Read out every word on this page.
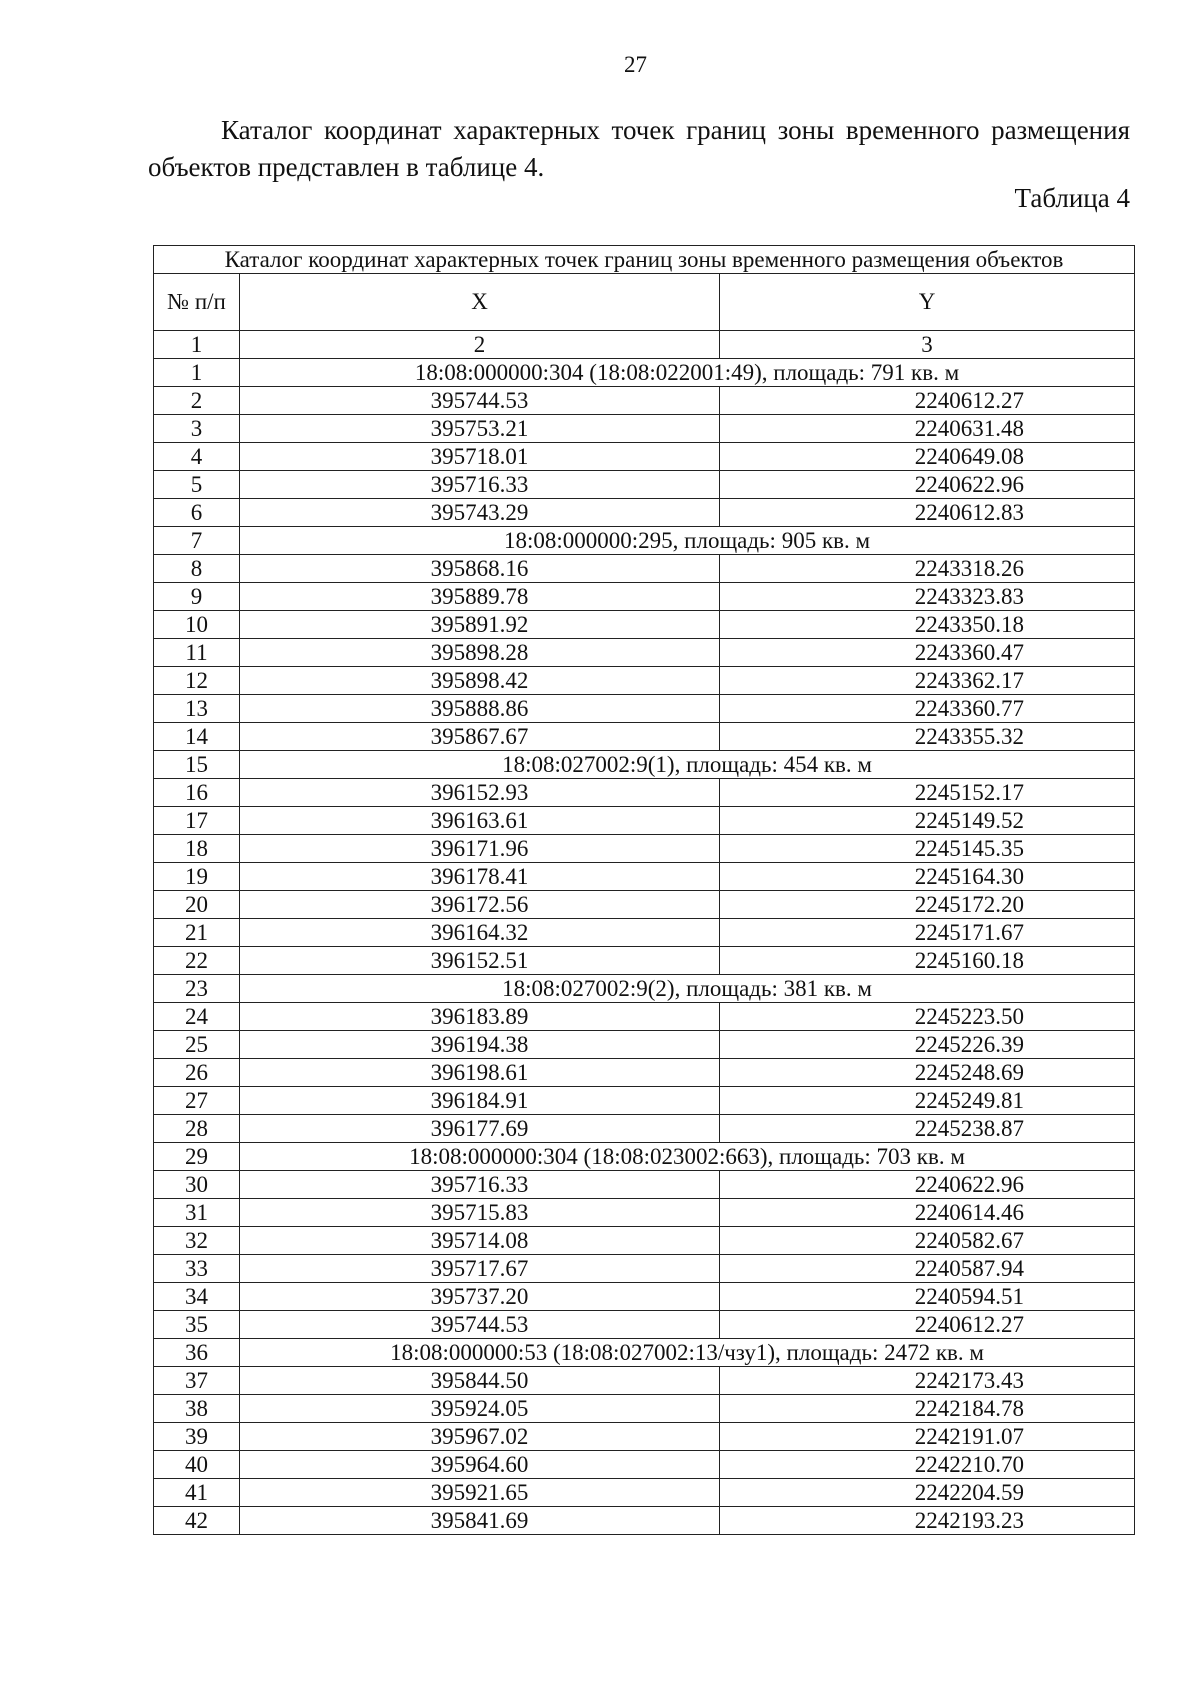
27

Каталог координат характерных точек границ зоны временного размещения объектов представлен в таблице 4.

Таблица 4
Каталог координат характерных точек границ зоны временного размещения объектов		
№ п/п	X	Y
1	2	3
1	18:08:000000:304 (18:08:022001:49), площадь: 791 кв. м	
2	395744.53	2240612.27
3	395753.21	2240631.48
4	395718.01	2240649.08
5	395716.33	2240622.96
6	395743.29	2240612.83
7	18:08:000000:295, площадь: 905 кв. м	
8	395868.16	2243318.26
9	395889.78	2243323.83
10	395891.92	2243350.18
11	395898.28	2243360.47
12	395898.42	2243362.17
13	395888.86	2243360.77
14	395867.67	2243355.32
15	18:08:027002:9(1), площадь: 454 кв. м	
16	396152.93	2245152.17
17	396163.61	2245149.52
18	396171.96	2245145.35
19	396178.41	2245164.30
20	396172.56	2245172.20
21	396164.32	2245171.67
22	396152.51	2245160.18
23	18:08:027002:9(2), площадь: 381 кв. м	
24	396183.89	2245223.50
25	396194.38	2245226.39
26	396198.61	2245248.69
27	396184.91	2245249.81
28	396177.69	2245238.87
29	18:08:000000:304 (18:08:023002:663), площадь: 703 кв. м	
30	395716.33	2240622.96
31	395715.83	2240614.46
32	395714.08	2240582.67
33	395717.67	2240587.94
34	395737.20	2240594.51
35	395744.53	2240612.27
36	18:08:000000:53 (18:08:027002:13/чзу1), площадь: 2472 кв. м	
37	395844.50	2242173.43
38	395924.05	2242184.78
39	395967.02	2242191.07
40	395964.60	2242210.70
41	395921.65	2242204.59
42	395841.69	2242193.23
